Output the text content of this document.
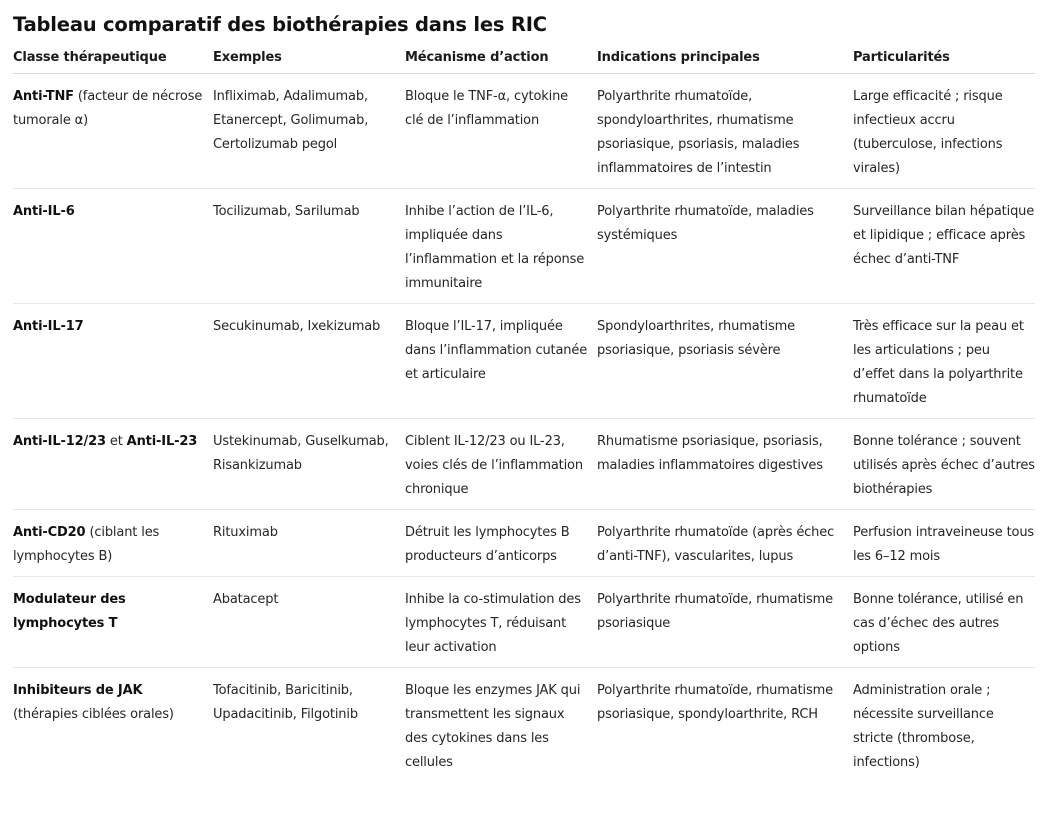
Tableau comparatif des biothérapies dans les RIC
Classe thérapeutique	Exemples	Mécanisme d’action	Indications principales	Particularités

Anti-TNF (facteur de nécrose tumorale α)	Infliximab, Adalimumab, Etanercept, Golimumab, Certolizumab pegol	Bloque le TNF-α, cytokine clé de l’inflammation	Polyarthrite rhumatoïde, spondyloarthrites, rhumatisme psoriasique, psoriasis, maladies inflammatoires de l’intestin	Large efficacité ; risque infectieux accru (tuberculose, infections virales)

Anti-IL-6	Tocilizumab, Sarilumab	Inhibe l’action de l’IL-6, impliquée dans l’inflammation et la réponse immunitaire	Polyarthrite rhumatoïde, maladies systémiques	Surveillance bilan hépatique et lipidique ; efficace après échec d’anti-TNF

Anti-IL-17	Secukinumab, Ixekizumab	Bloque l’IL-17, impliquée dans l’inflammation cutanée et articulaire	Spondyloarthrites, rhumatisme psoriasique, psoriasis sévère	Très efficace sur la peau et les articulations ; peu d’effet dans la polyarthrite rhumatoïde

Anti-IL-12/23 et Anti-IL-23	Ustekinumab, Guselkumab, Risankizumab	Ciblent IL-12/23 ou IL-23, voies clés de l’inflammation chronique	Rhumatisme psoriasique, psoriasis, maladies inflammatoires digestives	Bonne tolérance ; souvent utilisés après échec d’autres biothérapies

Anti-CD20 (ciblant les lymphocytes B)	Rituximab	Détruit les lymphocytes B producteurs d’anticorps	Polyarthrite rhumatoïde (après échec d’anti-TNF), vascularites, lupus	Perfusion intraveineuse tous les 6–12 mois

Modulateur des lymphocytes T	Abatacept	Inhibe la co-stimulation des lymphocytes T, réduisant leur activation	Polyarthrite rhumatoïde, rhumatisme psoriasique	Bonne tolérance, utilisé en cas d’échec des autres options

Inhibiteurs de JAK (thérapies ciblées orales)	Tofacitinib, Baricitinib, Upadacitinib, Filgotinib	Bloque les enzymes JAK qui transmettent les signaux des cytokines dans les cellules	Polyarthrite rhumatoïde, rhumatisme psoriasique, spondyloarthrite, RCH	Administration orale ; nécessite surveillance stricte (thrombose, infections)
